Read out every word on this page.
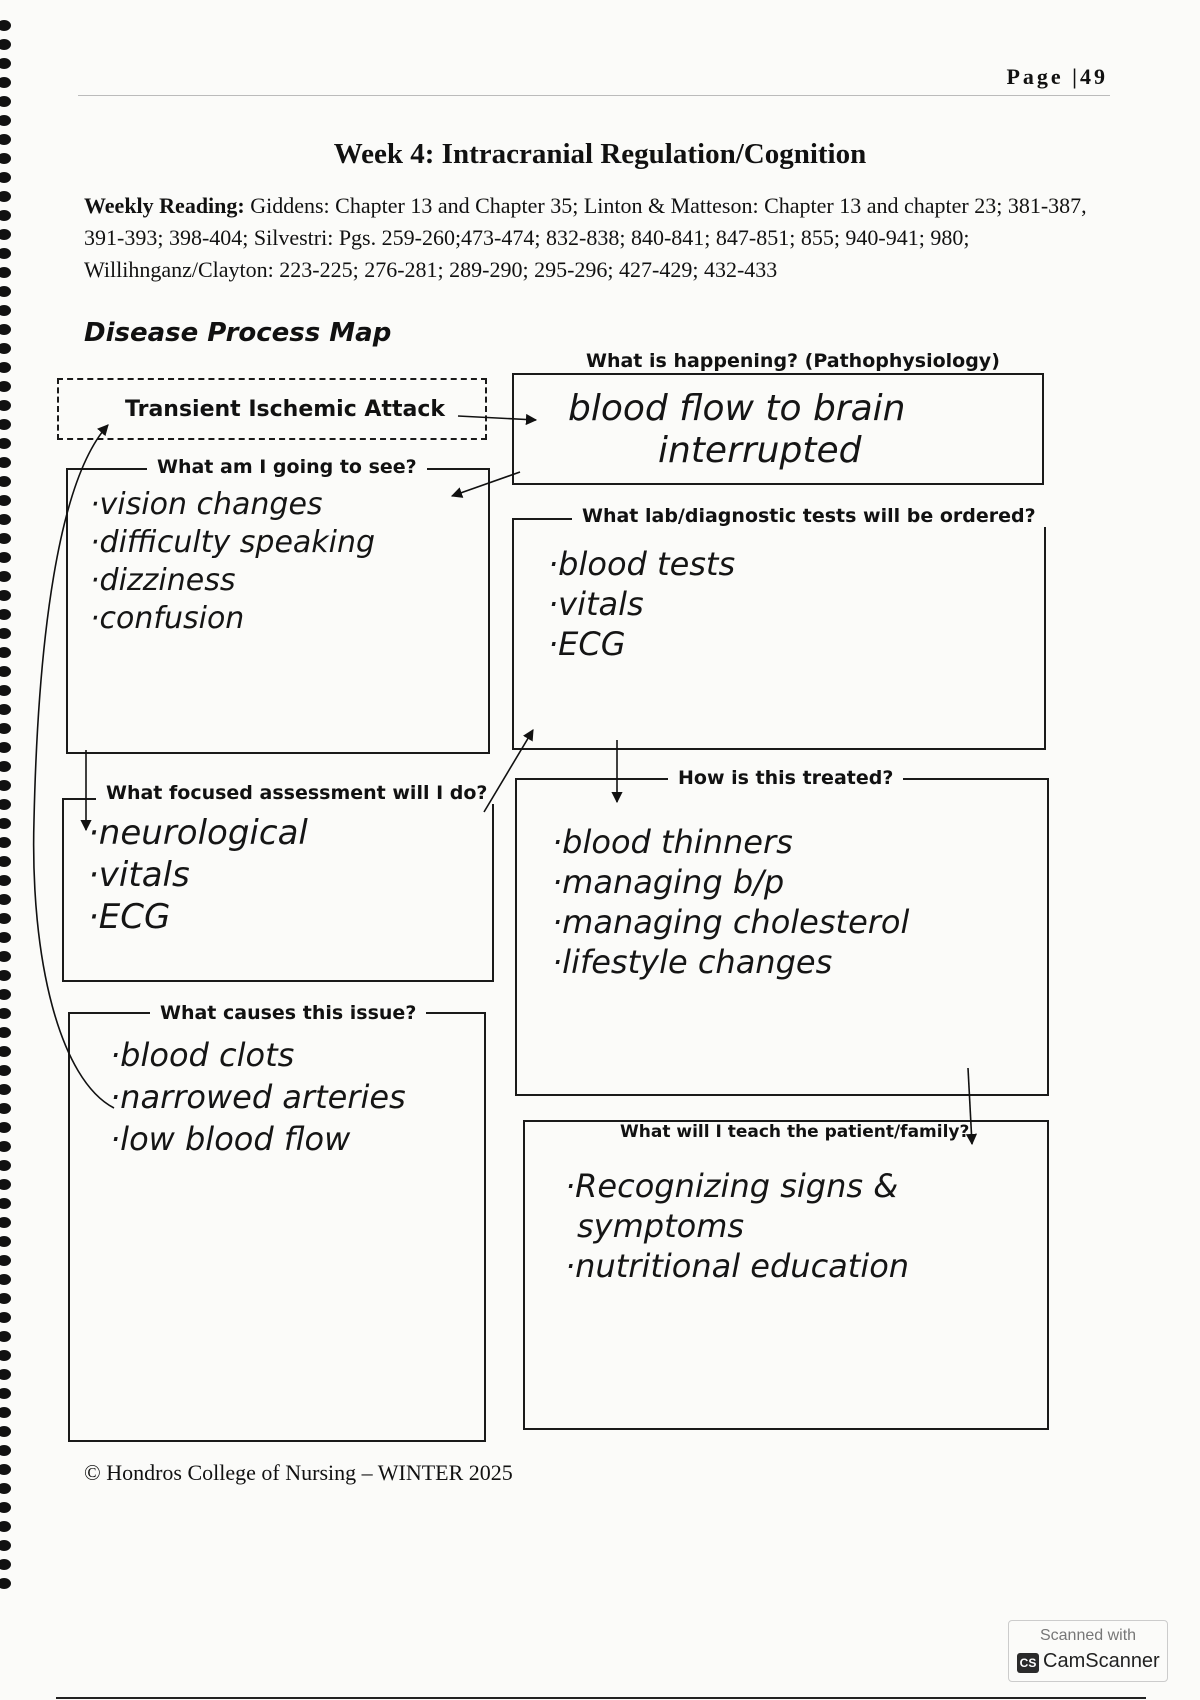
Page |49
Week 4: Intracranial Regulation/Cognition
Weekly Reading: Giddens: Chapter 13 and Chapter 35; Linton & Matteson: Chapter 13 and chapter 23; 381-387, 391-393; 398-404; Silvestri: Pgs. 259-260;473-474; 832-838; 840-841; 847-851; 855; 940-941; 980; Willihnganz/Clayton: 223-225; 276-281; 289-290; 295-296; 427-429; 432-433
Disease Process Map
Transient Ischemic Attack
What is happening? (Pathophysiology)
blood flow to brain
interrupted
What am I going to see?
·vision changes
·difficulty speaking
·dizziness
·confusion
What lab/diagnostic tests will be ordered?
·blood tests
·vitals
·ECG
What focused assessment will I do?
·neurological
·vitals
·ECG
How is this treated?
·blood thinners
·managing b/p
·managing cholesterol
·lifestyle changes
What causes this issue?
·blood clots
·narrowed arteries
·low blood flow	What will I teach the patient/family?
·Recognizing signs &
symptoms
·nutritional education
© Hondros College of Nursing – WINTER 2025
Scanned with
CS CamScanner
